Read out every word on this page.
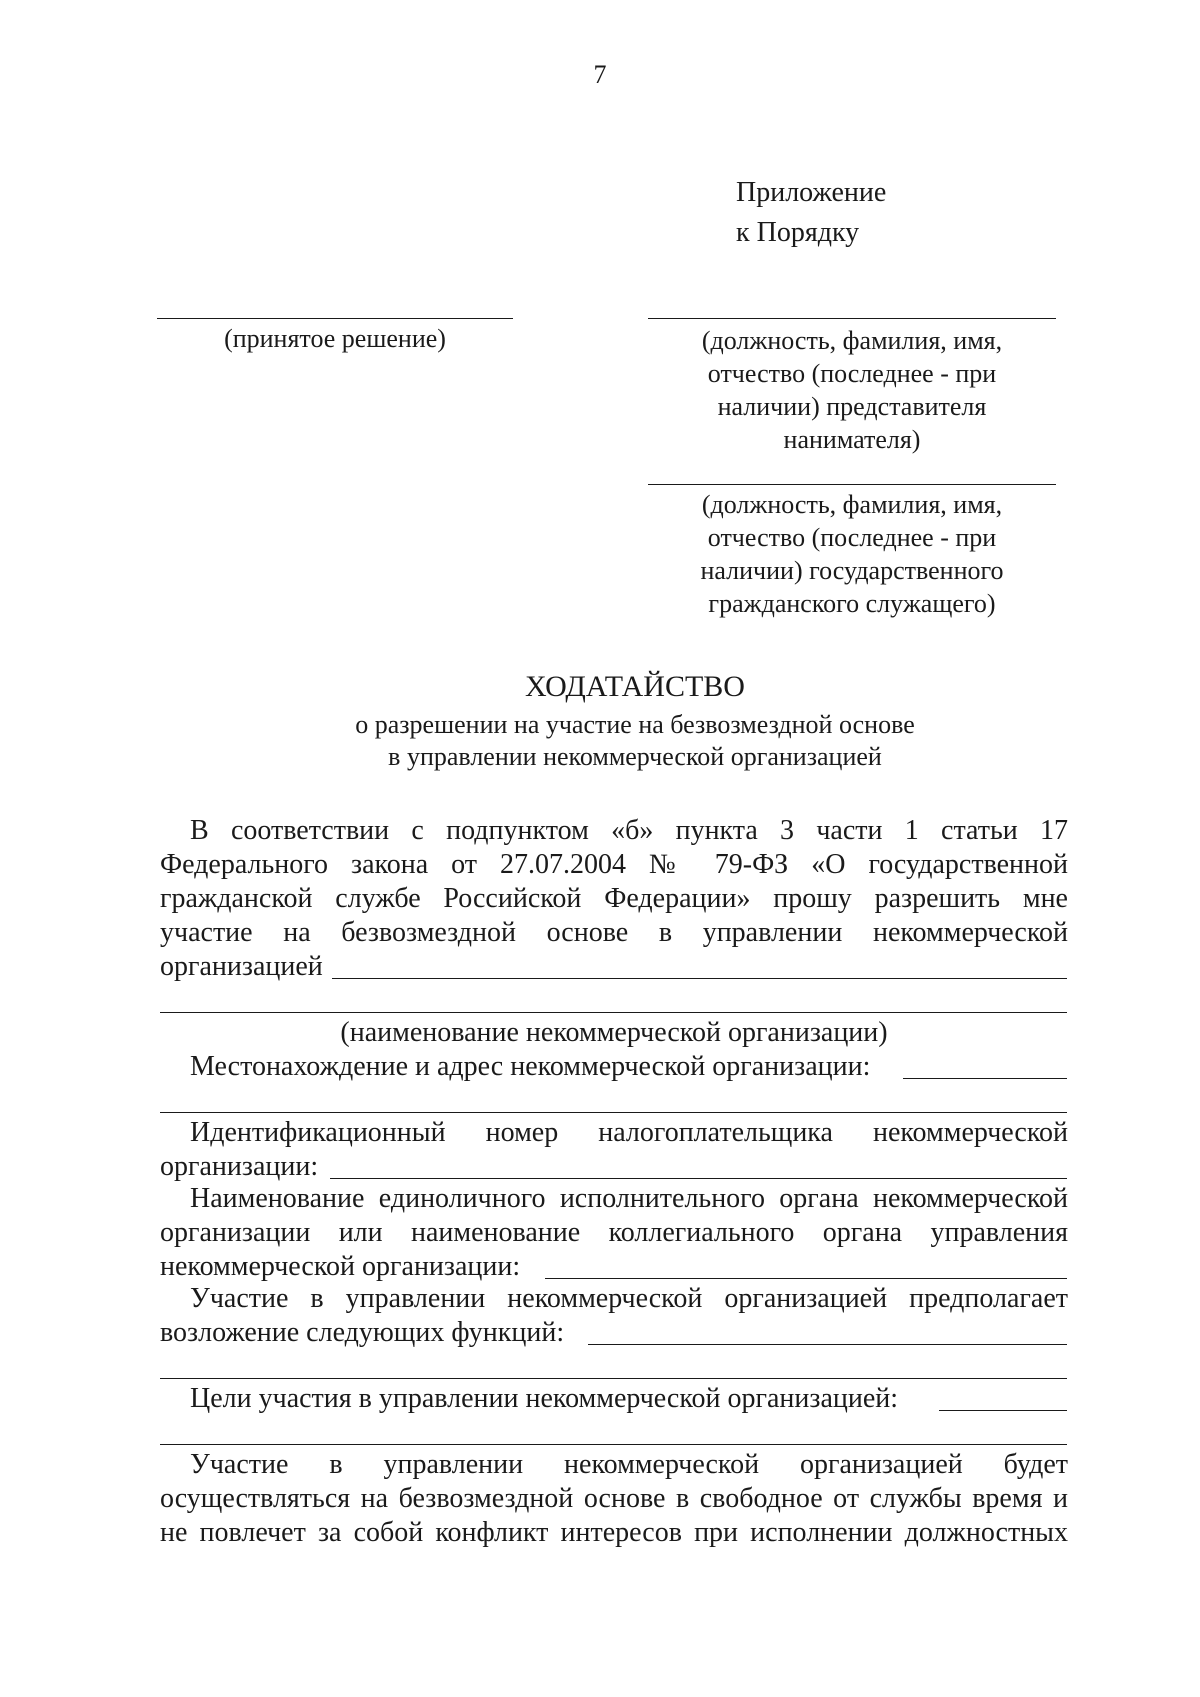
7
Приложение
к Порядку
(принятое решение)	(должность, фамилия, имя,
отчество (последнее - при
наличии) представителя
нанимателя)
(должность, фамилия, имя,
отчество (последнее - при
наличии) государственного
гражданского служащего)
ХОДАТАЙСТВО
о разрешении на участие на безвозмездной основе
в управлении некоммерческой организацией
В соответствии с подпунктом «б» пункта 3 части 1 статьи 17
Федерального закона от 27.07.2004 № 79-ФЗ «О государственной
гражданской службе Российской Федерации» прошу разрешить мне
участие на безвозмездной основе в управлении некоммерческой
организацией
(наименование некоммерческой организации)
Местонахождение и адрес некоммерческой организации:
Идентификационный номер налогоплательщика некоммерческой
организации:
Наименование единоличного исполнительного органа некоммерческой
организации или наименование коллегиального органа управления
некоммерческой организации:
Участие в управлении некоммерческой организацией предполагает
возложение следующих функций:
Цели участия в управлении некоммерческой организацией:
Участие в управлении некоммерческой организацией будет
осуществляться на безвозмездной основе в свободное от службы время и
не повлечет за собой конфликт интересов при исполнении должностных
